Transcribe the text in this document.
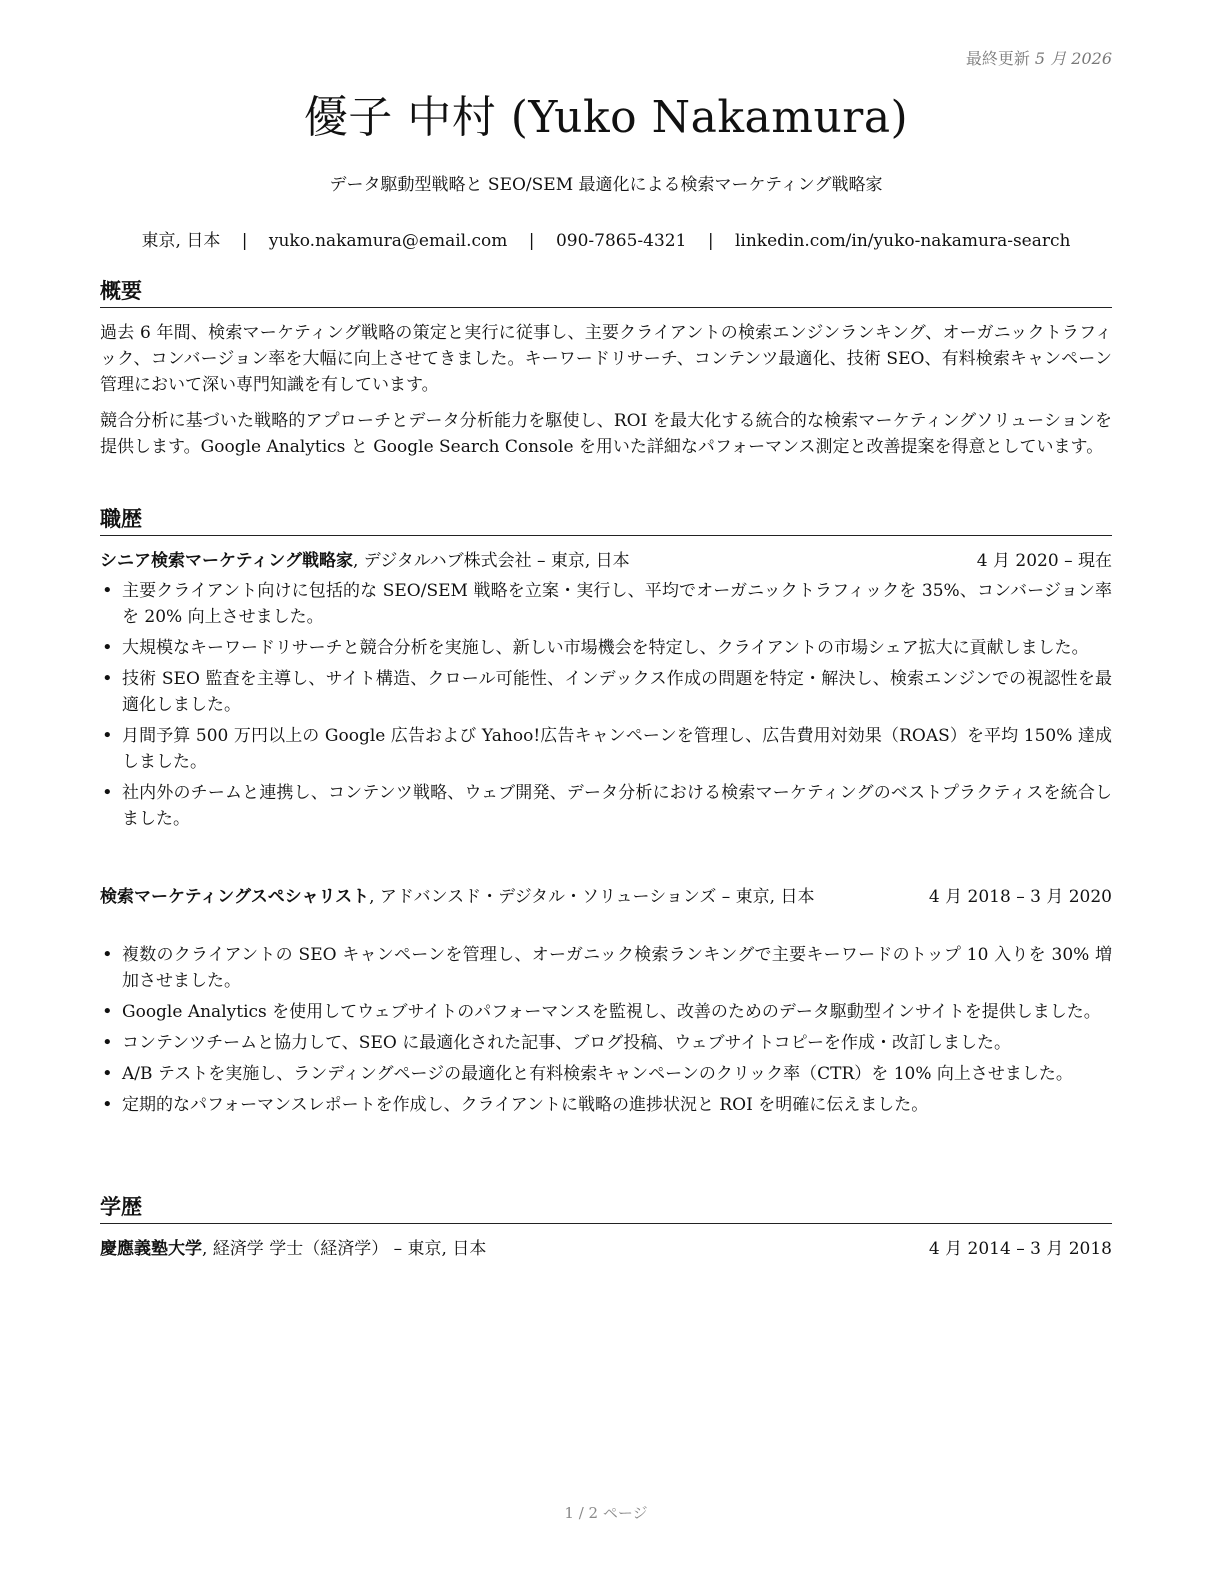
最終更新 5 月 2026
優子 中村 (Yuko Nakamura)
データ駆動型戦略と SEO/SEM 最適化による検索マーケティング戦略家
東京, 日本 | yuko.nakamura@email.com | 090-7865-4321 | linkedin.com/in/yuko-nakamura-search
概要
過去 6 年間、検索マーケティング戦略の策定と実行に従事し、主要クライアントの検索エンジンランキング、オーガニックトラフィック、コンバージョン率を大幅に向上させてきました。キーワードリサーチ、コンテンツ最適化、技術 SEO、有料検索キャンペーン管理において深い専門知識を有しています。
競合分析に基づいた戦略的アプローチとデータ分析能力を駆使し、ROI を最大化する統合的な検索マーケティングソリューションを提供します。Google Analytics と Google Search Console を用いた詳細なパフォーマンス測定と改善提案を得意としています。
職歴
シニア検索マーケティング戦略家, デジタルハブ株式会社 – 東京, 日本	4 月 2020 – 現在
• 主要クライアント向けに包括的な SEO/SEM 戦略を立案・実行し、平均でオーガニックトラフィックを 35%、コンバージョン率を 20% 向上させました。
• 大規模なキーワードリサーチと競合分析を実施し、新しい市場機会を特定し、クライアントの市場シェア拡大に貢献しました。
• 技術 SEO 監査を主導し、サイト構造、クロール可能性、インデックス作成の問題を特定・解決し、検索エンジンでの視認性を最適化しました。
• 月間予算 500 万円以上の Google 広告および Yahoo!広告キャンペーンを管理し、広告費用対効果（ROAS）を平均 150% 達成しました。
• 社内外のチームと連携し、コンテンツ戦略、ウェブ開発、データ分析における検索マーケティングのベストプラクティスを統合しました。
検索マーケティングスペシャリスト, アドバンスド・デジタル・ソリューションズ – 東京, 日本	4 月 2018 – 3 月 2020
• 複数のクライアントの SEO キャンペーンを管理し、オーガニック検索ランキングで主要キーワードのトップ 10 入りを 30% 増加させました。
• Google Analytics を使用してウェブサイトのパフォーマンスを監視し、改善のためのデータ駆動型インサイトを提供しました。
• コンテンツチームと協力して、SEO に最適化された記事、ブログ投稿、ウェブサイトコピーを作成・改訂しました。
• A/B テストを実施し、ランディングページの最適化と有料検索キャンペーンのクリック率（CTR）を 10% 向上させました。
• 定期的なパフォーマンスレポートを作成し、クライアントに戦略の進捗状況と ROI を明確に伝えました。
学歴
慶應義塾大学, 経済学 学士（経済学） – 東京, 日本	4 月 2014 – 3 月 2018
1 / 2 ページ
